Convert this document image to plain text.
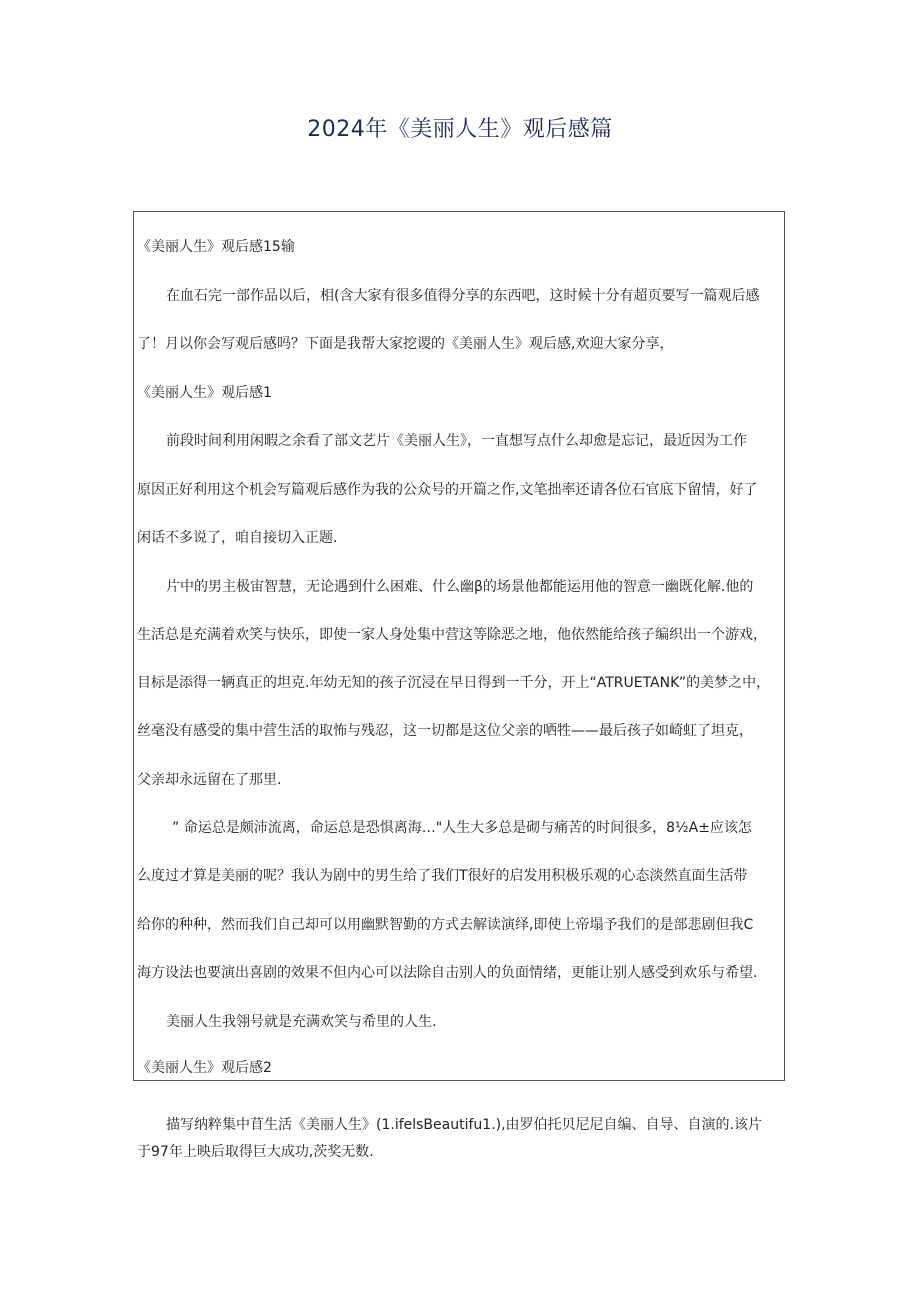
2024年《美丽人生》观后感篇
《美丽人生》观后感15输
在血石完一部作品以后，相(含大家有很多值得分享的东西吧，这时候十分有超页要写一篇观后感
了！月以你会写观后感吗？下面是我帮大家挖谡的《美丽人生》观后感,欢迎大家分享，
《美丽人生》观后感1
前段时间利用闲暇之余看了部文艺片《美丽人生》，一直想写点什么却愈是忘记，最近因为工作
原因正好利用这个机会写篇观后感作为我的公众号的开篇之作,文笔拙率还请各位石官底下留情，好了
闲话不多说了，咱自接切入正题.
片中的男主极宙智慧，无论遇到什么困难、什么幽β的场景他都能运用他的智意一幽既化解.他的
生活总是充满着欢笑与快乐，即使一家人身处集中营这等除恶之地，他依然能给孩子编织出一个游戏，
目标是添得一辆真正的坦克.年幼无知的孩子沉浸在早日得到一千分，开上“ATRUETANK”的美梦之中，
丝毫没有感受的集中营生活的取怖与残忍，这一切都是这位父亲的哂牲——最后孩子如崎虹了坦克，
父亲却永远留在了那里.
” 命运总是颇沛流离，命运总是恐惧离海…"人生大多总是砌与痛苦的时间很多，8½A±应该怎
么度过才算是美丽的呢？我认为剧中的男生给了我们T很好的启发用积极乐观的心态淡然直面生活带
给你的种种，然而我们自己却可以用幽默智勤的方式去解读演绎,即使上帝塌予我们的是部悲剧但我C
海方设法也要演出喜剧的效果不但内心可以法除自击别人的负面情绪，更能让别人感受到欢乐与希望.
美丽人生我翎号就是充满欢笑与希里的人生.
《美丽人生》观后感2
描写纳粹集中苜生活《美丽人生》(1.ifelsBeautifu1.),由罗伯托贝尼尼自编、自导、自演的.该片
于97年上映后取得巨大成功,茨奖无数.
